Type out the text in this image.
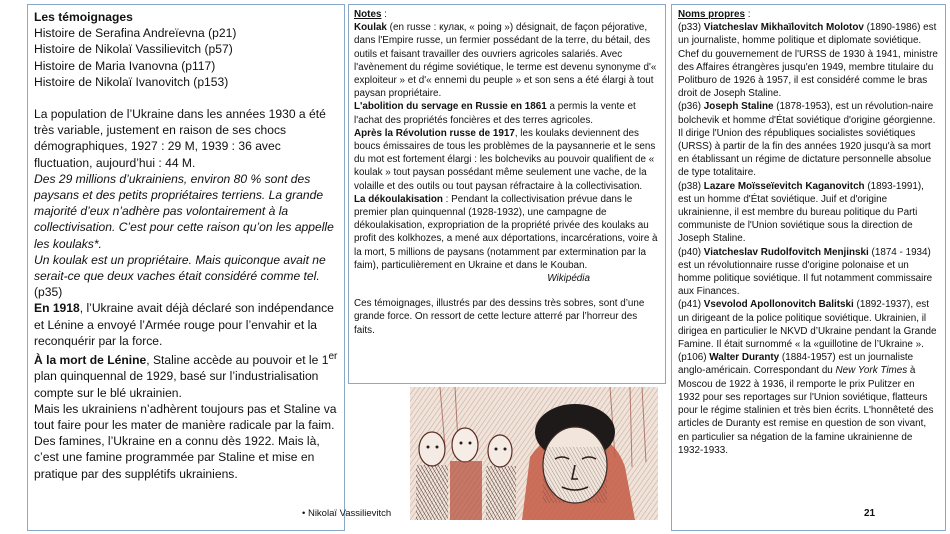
Les témoignages

Histoire de Serafina Andreïevna (p21)

Histoire de Nikolaï Vassilievitch (p57)

Histoire de Maria Ivanovna (p117)

Histoire de Nikolaï Ivanovitch (p153)

La population de l’Ukraine dans les années 1930 a été très variable, justement en raison de ses chocs démographiques, 1927 : 29 M, 1939 : 36 avec fluctuation, aujourd’hui : 44 M.

Des 29 millions d’ukrainiens, environ 80 % sont des paysans et des petits propriétaires terriens. La grande majorité d’eux n’adhère pas volontairement à la collectivisation. C’est pour cette raison qu’on les appelle les koulaks*.

Un koulak est un propriétaire. Mais quiconque avait ne serait-ce que deux vaches était considéré comme tel. (p35)

En 1918, l’Ukraine avait déjà déclaré son indépendance et Lénine a envoyé l’Armée rouge pour l’envahir et la reconquérir par la force.

À la mort de Lénine, Staline accède au pouvoir et le 1er plan quinquennal de 1929, basé sur l’industrialisation compte sur le blé ukrainien.

Mais les ukrainiens n’adhèrent toujours pas et Staline va tout faire pour les mater de manière radicale par la faim.

Des famines, l’Ukraine en a connu dès 1922. Mais là, c’est une famine programmée par Staline et mise en pratique par des supplétifs ukrainiens.

Notes :

Koulak (en russe : кулак, « poing ») désignait, de façon péjorative, dans l'Empire russe, un fermier possédant de la terre, du bétail, des outils et faisant travailler des ouvriers agricoles salariés. Avec l'avènement du régime soviétique, le terme est devenu synonyme d'« exploiteur » et d'« ennemi du peuple » et son sens a été élargi à tout paysan propriétaire.

L'abolition du servage en Russie en 1861 a permis la vente et l'achat des propriétés foncières et des terres agricoles.

Après la Révolution russe de 1917, les koulaks deviennent des boucs émissaires de tous les problèmes de la paysannerie et le sens du mot est fortement élargi : les bolcheviks au pouvoir qualifient de « koulak » tout paysan possédant même seulement une vache, de la volaille et des outils ou tout paysan réfractaire à la collectivisation.

La dékoulakisation : Pendant la collectivisation prévue dans le premier plan quinquennal (1928-1932), une campagne de dékoulakisation, expropriation de la propriété privée des koulaks au profit des kolkhozes, a mené aux déportations, incarcérations, voire à la mort, 5 millions de paysans (notamment par extermination par la faim), particulièrement en Ukraine et dans le Kouban.

Wikipédia

Ces témoignages, illustrés par des dessins très sobres, sont d’une grande force. On ressort de cette lecture atterré par l’horreur des faits.

• Nikolaï Vassilievitch

Noms propres :

(p33) Viatcheslav Mikhaïlovitch Molotov (1890-1986) est un journaliste, homme politique et diplomate soviétique. Chef du gouvernement de l'URSS de 1930 à 1941, ministre des Affaires étrangères jusqu'en 1949, membre titulaire du Politburo de 1926 à 1957, il est considéré comme le bras droit de Joseph Staline.

(p36) Joseph Staline (1878-1953), est un révolution-naire bolchevik et homme d'État soviétique d'origine géorgienne. Il dirige l'Union des républiques socialistes soviétiques (URSS) à partir de la fin des années 1920 jusqu'à sa mort en établissant un régime de dictature personnelle absolue de type totalitaire.

(p38) Lazare Moïsseïevitch Kaganovitch (1893-1991), est un homme d'État soviétique. Juif et d'origine ukrainienne, il est membre du bureau politique du Parti communiste de l'Union soviétique sous la direction de Joseph Staline.

(p40) Viatcheslav Rudolfovitch Menjinski (1874 - 1934) est un révolutionnaire russe d'origine polonaise et un homme politique soviétique. Il fut notamment commissaire aux Finances.

(p41) Vsevolod Apollonovitch Balitski (1892-1937), est un dirigeant de la police politique soviétique. Ukrainien, il dirigea en particulier le NKVD d’Ukraine pendant la Grande Famine. Il était surnommé « la «guillotine de l’Ukraine ».

(p106) Walter Duranty (1884-1957) est un journaliste anglo-américain. Correspondant du New York Times à Moscou de 1922 à 1936, il remporte le prix Pulitzer en 1932 pour ses reportages sur l'Union soviétique, flatteurs pour le régime stalinien et très bien écrits. L'honnêteté des articles de Duranty est remise en question de son vivant, en particulier sa négation de la famine ukrainienne de 1932-1933.

21
